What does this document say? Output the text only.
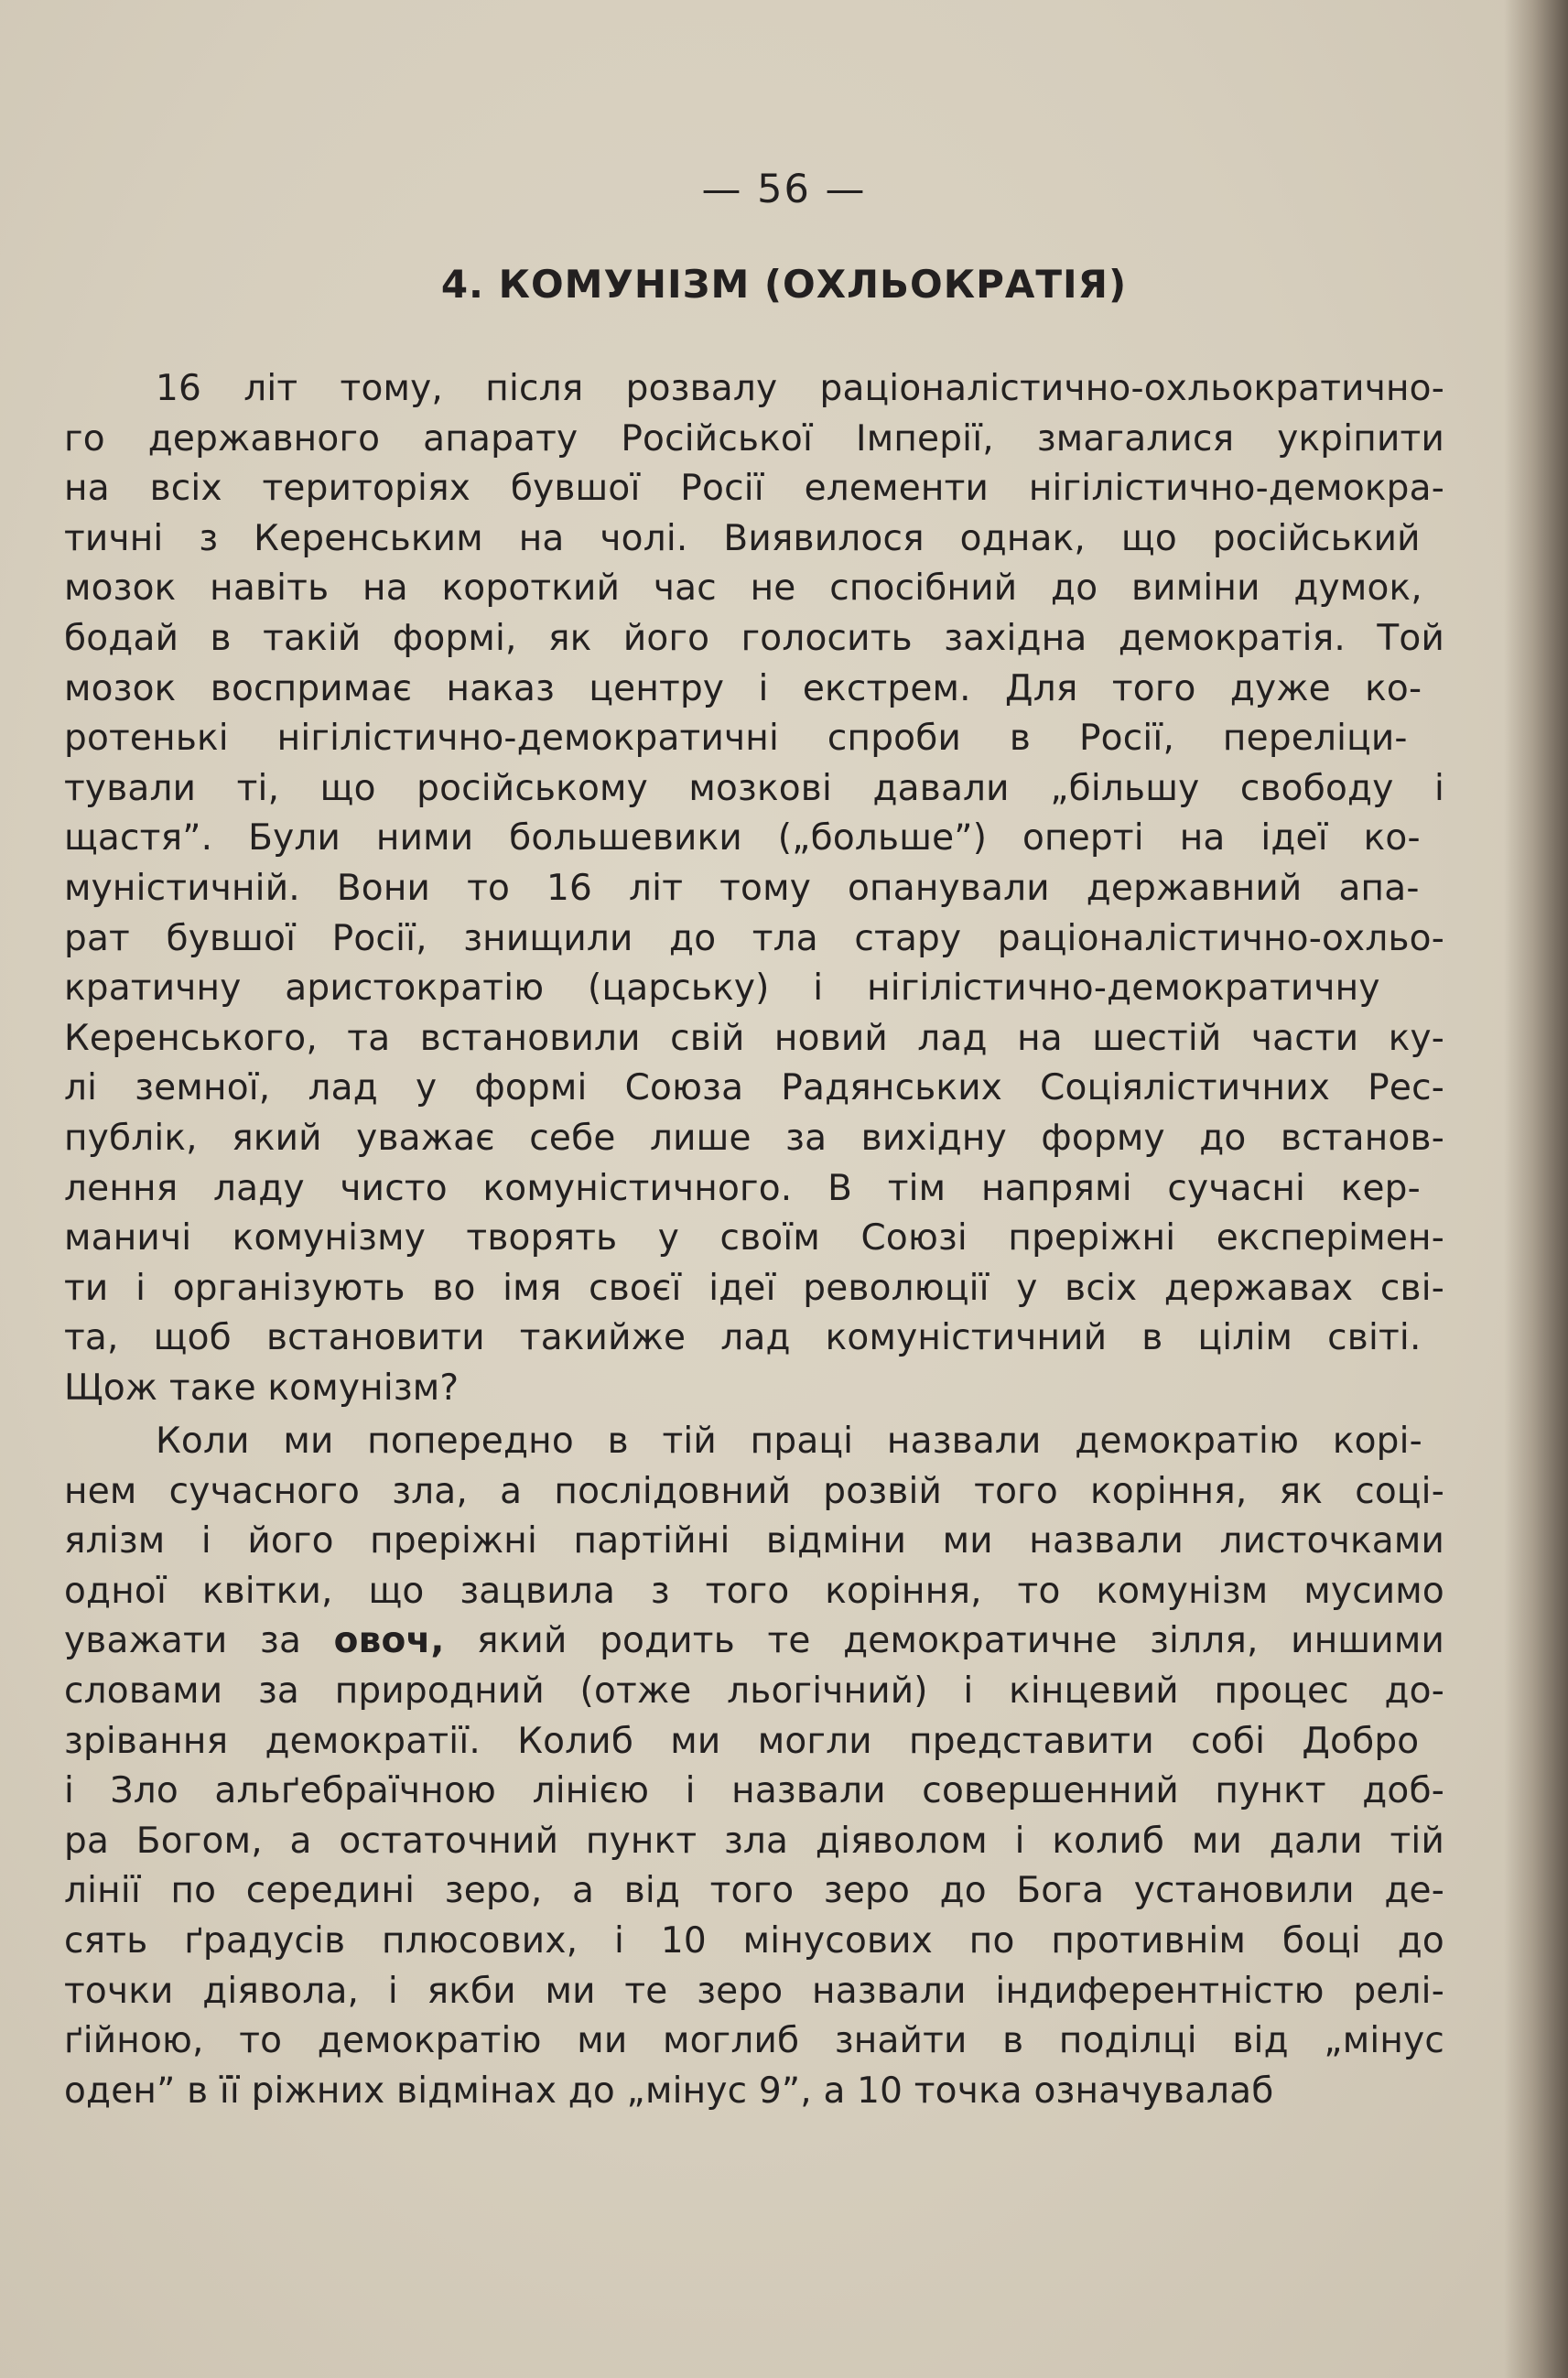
— 56 —
4. КОМУНІЗМ (ОХЛЬОКРАТІЯ)
16 літ тому, після розвалу раціоналістично-охльократично-
го державного апарату Російської Імперії, змагалися укріпити
на всіх територіях бувшої Росії елементи нігілістично-демокра-
тичні з Керенським на чолі. Виявилося однак, що російський
мозок навіть на короткий час не спосібний до виміни думок,
бодай в такій формі, як його голосить західна демократія. Той
мозок воспримає наказ центру і екстрем. Для того дуже ко-
ротенькі нігілістично-демократичні спроби в Росії, переліци-
тували ті, що російському мозкові давали „більшу свободу і
щастя”. Були ними большевики („больше”) оперті на ідеї ко-
муністичній. Вони то 16 літ тому опанували державний апа-
рат бувшої Росії, знищили до тла стару раціоналістично-охльо-
кратичну аристократію (царську) і нігілістично-демократичну
Керенського, та встановили свій новий лад на шестій части ку-
лі земної, лад у формі Союза Радянських Соціялістичних Рес-
публік, який уважає себе лише за вихідну форму до встанов-
лення ладу чисто комуністичного. В тім напрямі сучасні кер-
маничі комунізму творять у своїм Союзі преріжні експерімен-
ти і організують во імя своєї ідеї революції у всіх державах сві-
та, щоб встановити такийже лад комуністичний в цілім світі.
Щож таке комунізм?
Коли ми попередно в тій праці назвали демократію корі-
нем сучасного зла, а послідовний розвій того коріння, як соці-
ялізм і його преріжні партійні відміни ми назвали листочками
одної квітки, що зацвила з того коріння, то комунізм мусимо
уважати за овоч, який родить те демократичне зілля, иншими
словами за природний (отже льогічний) і кінцевий процес до-
зрівання демократії. Колиб ми могли представити собі Добро
і Зло альґебраїчною лінією і назвали совершенний пункт доб-
ра Богом, а остаточний пункт зла діяволом і колиб ми дали тій
лінії по середині зеро, а від того зеро до Бога установили де-
сять ґрадусів плюсових, і 10 мінусових по противнім боці до
точки діявола, і якби ми те зеро назвали індиферентністю релі-
ґійною, то демократію ми моглиб знайти в поділці від „мінус
оден” в її ріжних відмінах до „мінус 9”, а 10 точка означувалаб
